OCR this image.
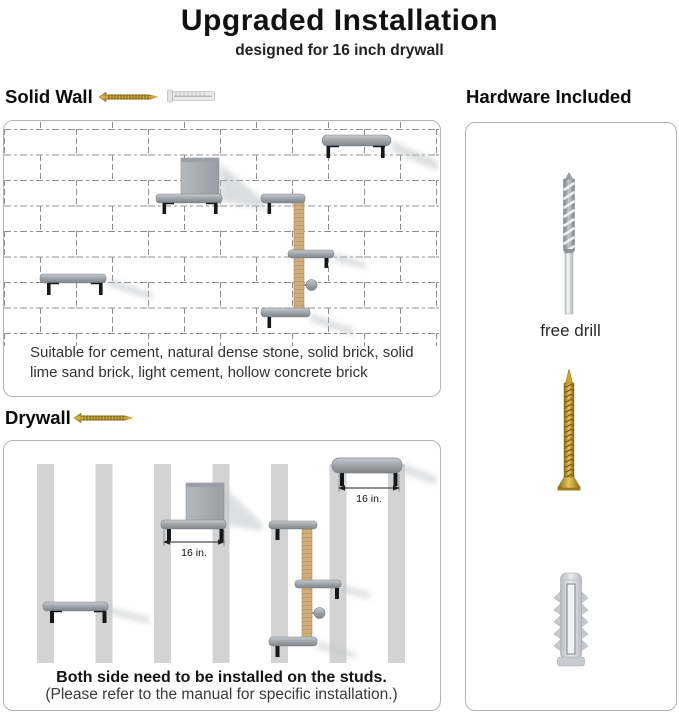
Upgraded Installation
designed for 16 inch drywall
Solid Wall	Hardware Included
Suitable for cement, natural dense stone, solid brick, solid lime sand brick, light cement, hollow concrete brick
Drywall
16 in.
16 in.
Both side need to be installed on the studs.
(Please refer to the manual for specific installation.)
free drill
